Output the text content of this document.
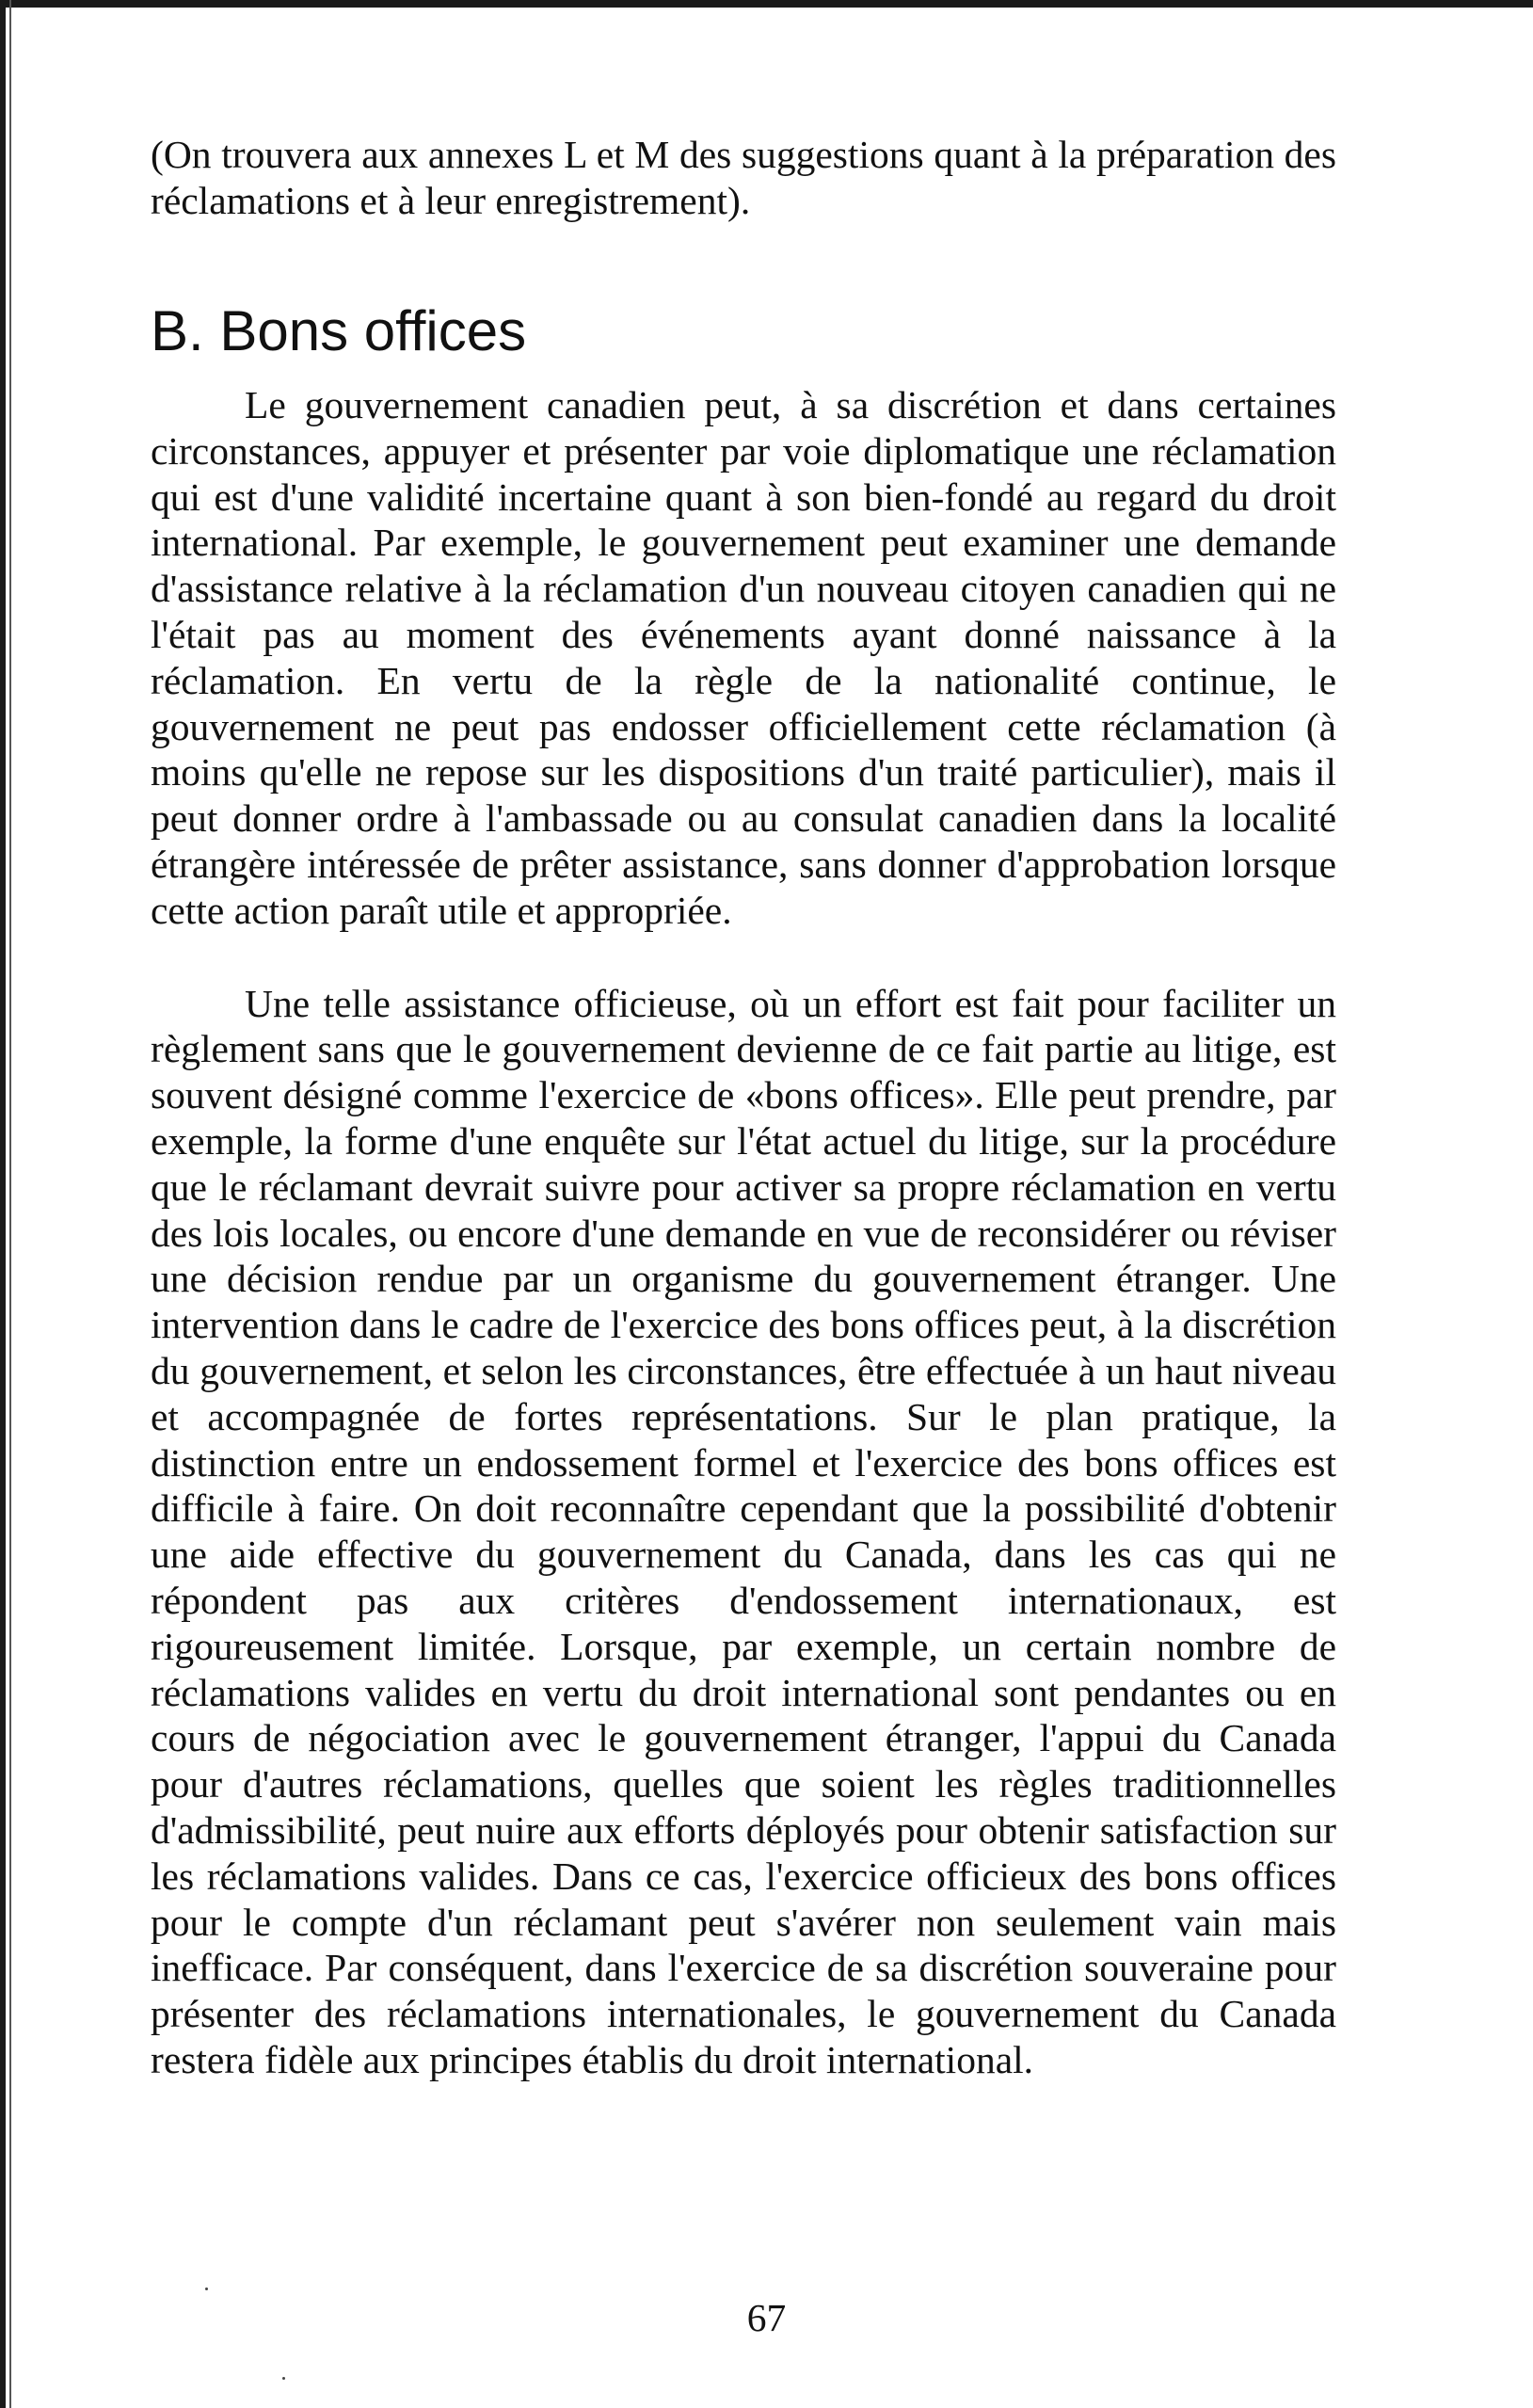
(On trouvera aux annexes L et M des suggestions quant à la préparation des réclamations et à leur enregistrement).

B. Bons offices

Le gouvernement canadien peut, à sa discrétion et dans certaines circonstances, appuyer et présenter par voie diplomatique une réclamation qui est d'une validité incertaine quant à son bien-fondé au regard du droit international. Par exemple, le gouvernement peut examiner une demande d'assistance relative à la réclamation d'un nouveau citoyen canadien qui ne l'était pas au moment des événements ayant donné naissance à la réclamation. En vertu de la règle de la nationalité continue, le gouvernement ne peut pas endosser officiellement cette réclamation (à moins qu'elle ne repose sur les dispositions d'un traité particulier), mais il peut donner ordre à l'ambassade ou au consulat canadien dans la localité étrangère intéressée de prêter assistance, sans donner d'approbation lorsque cette action paraît utile et appropriée.

Une telle assistance officieuse, où un effort est fait pour faciliter un règlement sans que le gouvernement devienne de ce fait partie au litige, est souvent désigné comme l'exercice de «bons offices». Elle peut prendre, par exemple, la forme d'une enquête sur l'état actuel du litige, sur la procédure que le réclamant devrait suivre pour activer sa propre réclamation en vertu des lois locales, ou encore d'une demande en vue de reconsidérer ou réviser une décision rendue par un organisme du gouvernement étranger. Une intervention dans le cadre de l'exercice des bons offices peut, à la discrétion du gouvernement, et selon les circonstances, être effectuée à un haut niveau et accompagnée de fortes représentations. Sur le plan pratique, la distinction entre un endossement formel et l'exercice des bons offices est difficile à faire. On doit reconnaître cependant que la possibilité d'obtenir une aide effective du gouvernement du Canada, dans les cas qui ne répondent pas aux critères d'endossement internationaux, est rigoureusement limitée. Lorsque, par exemple, un certain nombre de réclamations valides en vertu du droit international sont pendantes ou en cours de négociation avec le gouvernement étranger, l'appui du Canada pour d'autres réclamations, quelles que soient les règles traditionnelles d'admissibilité, peut nuire aux efforts déployés pour obtenir satisfaction sur les réclamations valides. Dans ce cas, l'exercice officieux des bons offices pour le compte d'un réclamant peut s'avérer non seulement vain mais inefficace. Par conséquent, dans l'exercice de sa discrétion souveraine pour présenter des réclamations internationales, le gouvernement du Canada restera fidèle aux principes établis du droit international.

67
